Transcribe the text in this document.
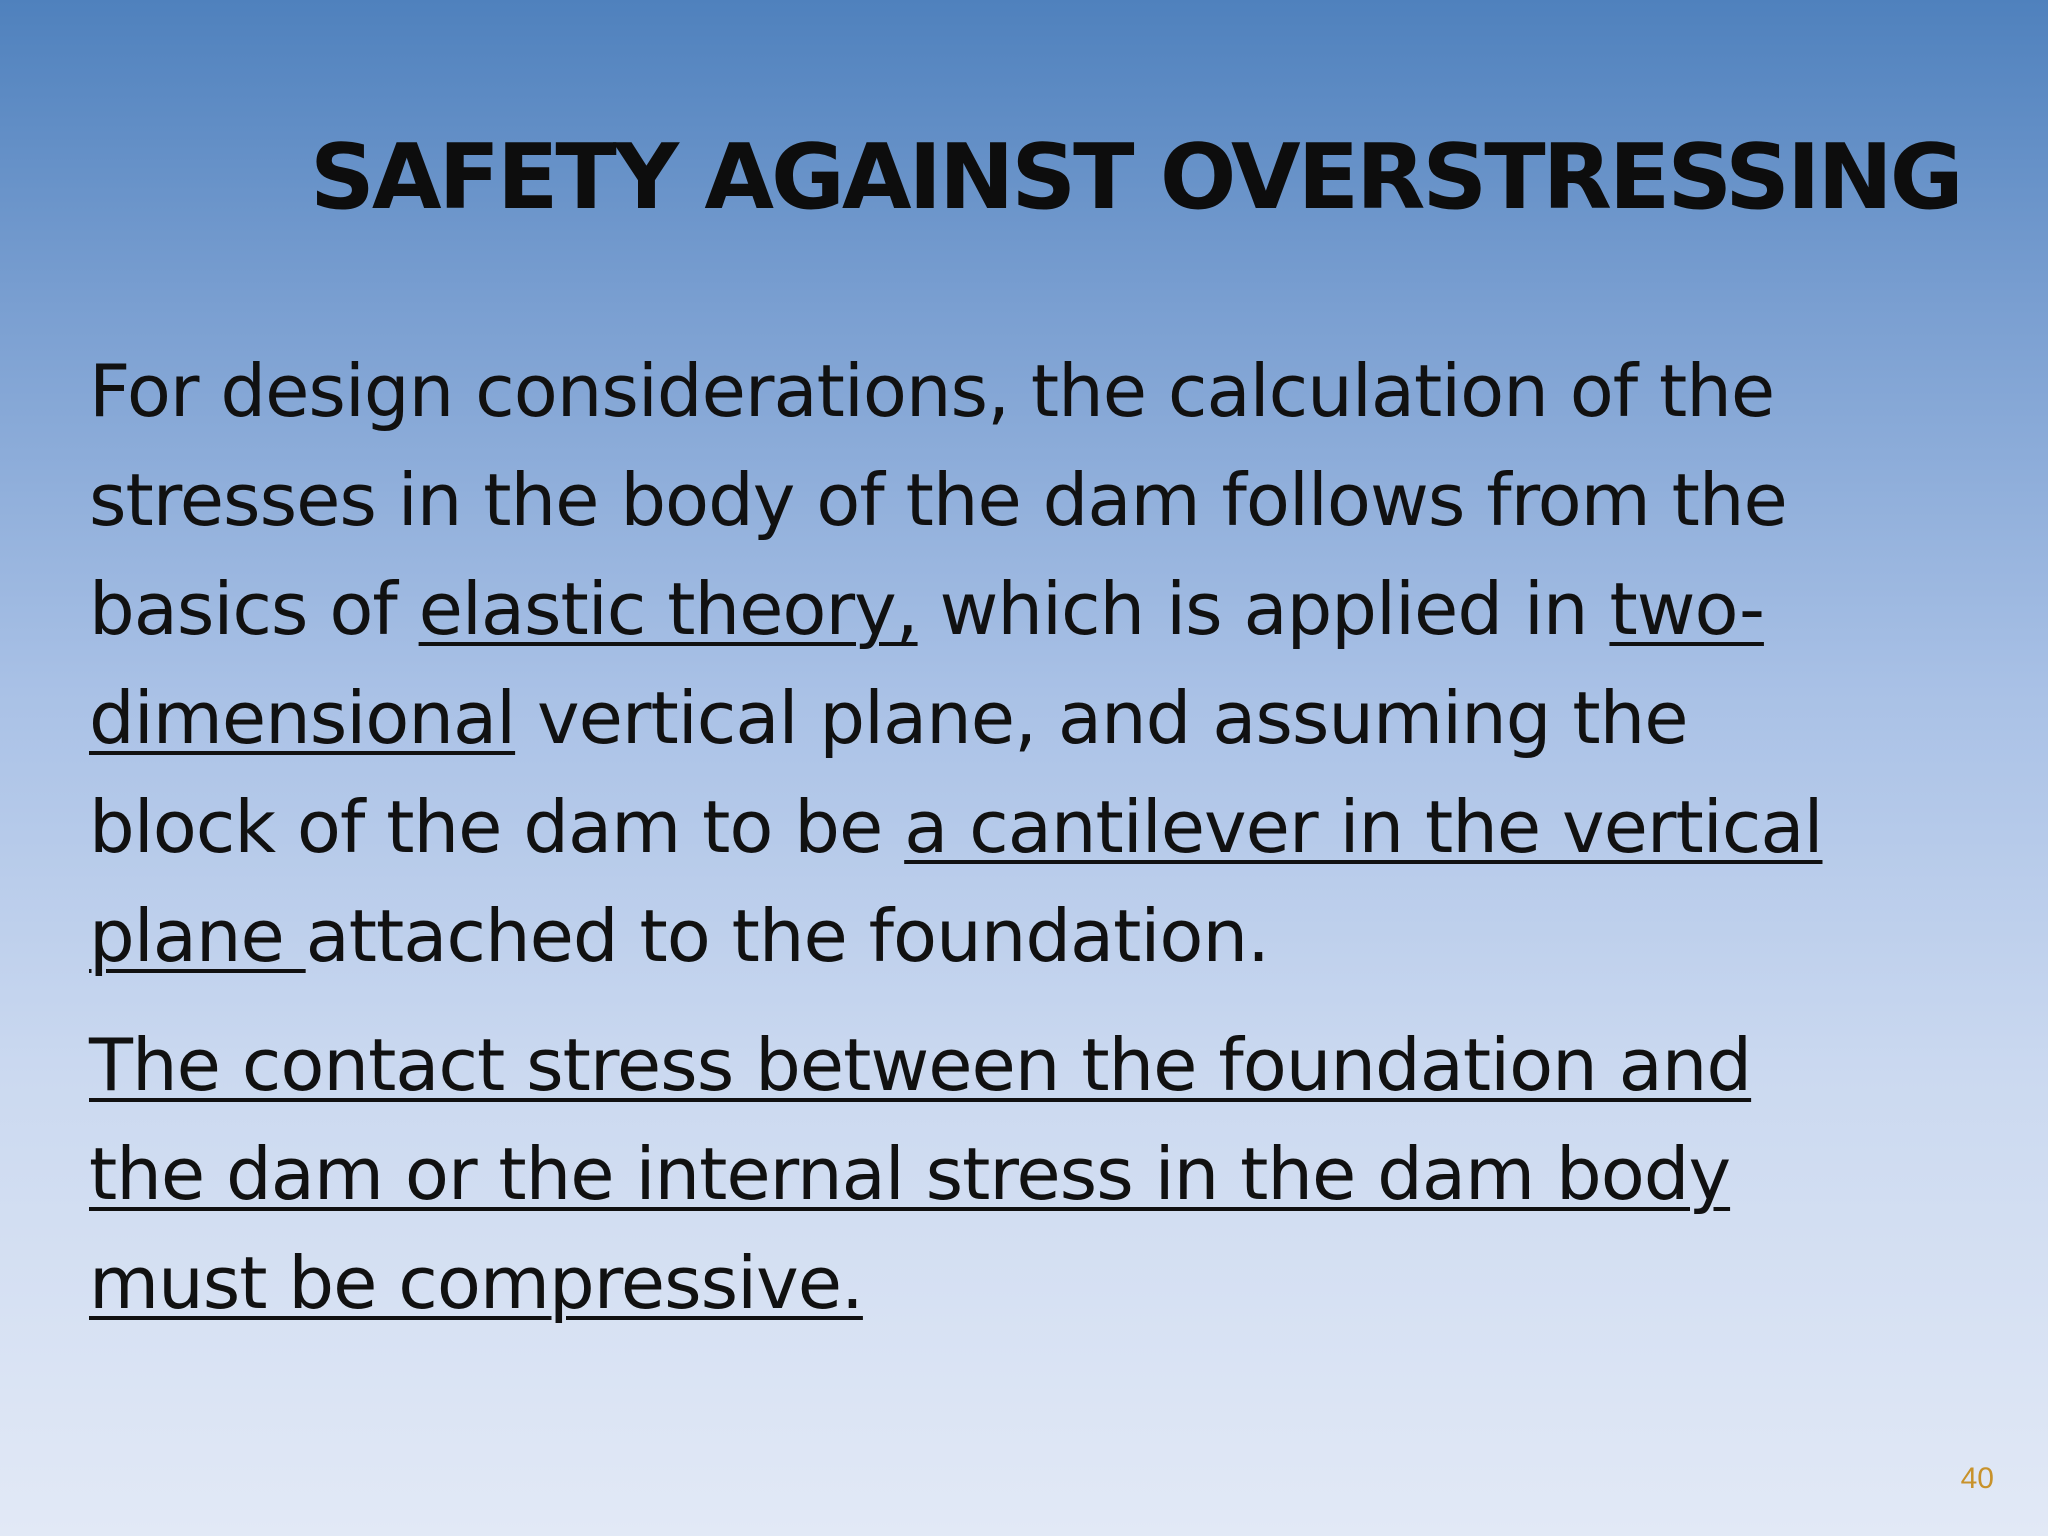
SAFETY AGAINST OVERSTRESSING

For design considerations, the calculation of the
stresses in the body of the dam follows from the
basics of elastic theory, which is applied in two-
dimensional vertical plane, and assuming the
block of the dam to be a cantilever in the vertical
plane attached to the foundation.

The contact stress between the foundation and
the dam or the internal stress in the dam body
must be compressive.

40
